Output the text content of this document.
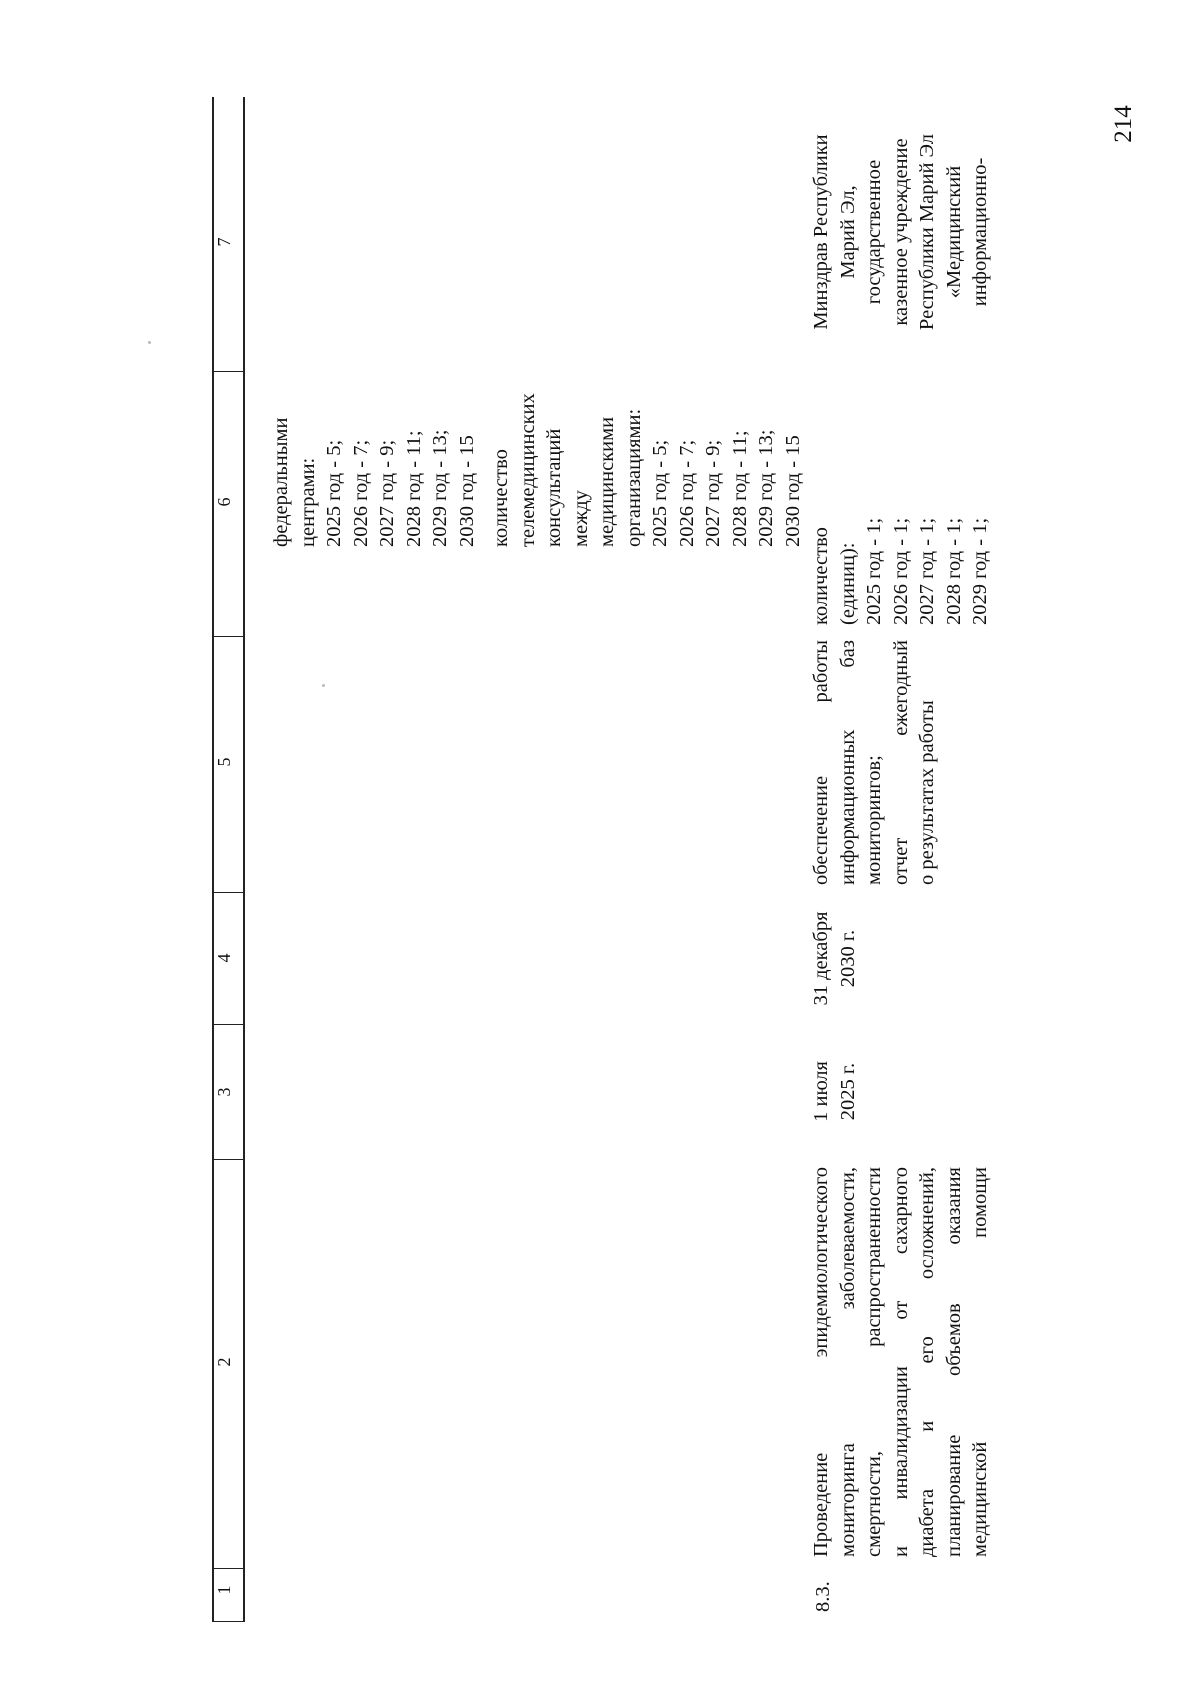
214
1
2
3
4
5
6
7
федеральными центрами: 2025 год - 5; 2026 год - 7; 2027 год - 9; 2028 год - 11; 2029 год - 13; 2030 год - 15 количество телемедицинских консультаций между медицинскими организациями: 2025 год - 5; 2026 год - 7; 2027 год - 9; 2028 год - 11; 2029 год - 13; 2030 год - 15
8.3.
Проведение эпидемиологического мониторинга заболеваемости, смертности, распространенности и инвалидизации от сахарного диабета и его осложнений, планирование объемов оказания медицинской помощи
1 июля 2025 г.
31 декабря 2030 г.
обеспечение работы информационных баз мониторингов; отчет ежегодный о результатах работы
количество (единиц): 2025 год - 1; 2026 год - 1; 2027 год - 1; 2028 год - 1; 2029 год - 1;
Минздрав Республики Марий Эл, государственное казенное учреждение Республики Марий Эл «Медицинский информационно-
